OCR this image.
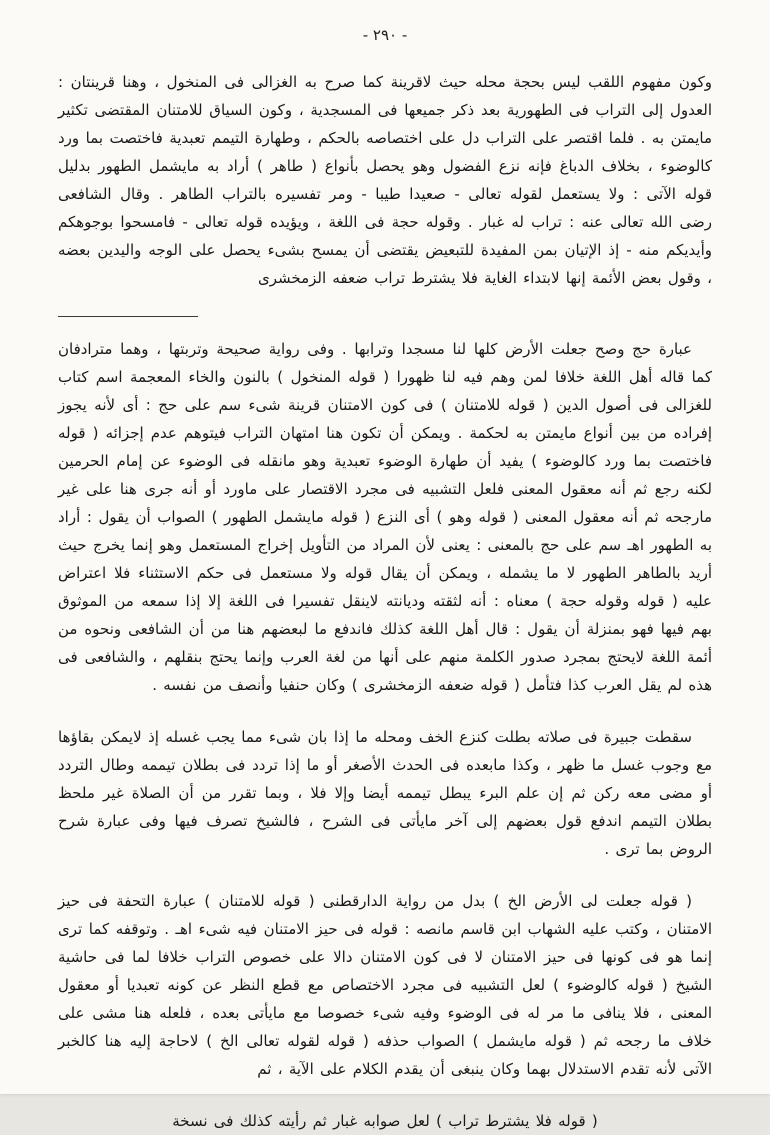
- ٢٩٠ -
وكون مفهوم اللقب ليس بحجة محله حيث لاقرينة كما صرح به الغزالى فى المنخول ، وهنا قرينتان : العدول إلى التراب فى الطهورية بعد ذكر جميعها فى المسجدية ، وكون السياق للامتنان المقتضى تكثير مايمتن به . فلما اقتصر على التراب دل على اختصاصه بالحكم ، وطهارة التيمم تعبدية فاختصت بما ورد كالوضوء ، بخلاف الدباغ فإنه نزع الفضول وهو يحصل بأنواع ( طاهر ) أراد به مايشمل الطهور بدليل قوله الآتى : ولا يستعمل لقوله تعالى - صعيدا طيبا - ومر تفسيره بالتراب الطاهر . وقال الشافعى رضى الله تعالى عنه : تراب له غبار . وقوله حجة فى اللغة ، ويؤيده قوله تعالى - فامسحوا بوجوهكم وأيديكم منه - إذ الإتيان بمن المفيدة للتبعيض يقتضى أن يمسح بشىء يحصل على الوجه واليدين بعضه ، وقول بعض الأئمة إنها لابتداء الغاية فلا يشترط تراب ضعفه الزمخشرى
عبارة حج وصح جعلت الأرض كلها لنا مسجدا وترابها . وفى رواية صحيحة وتربتها ، وهما مترادفان كما قاله أهل اللغة خلافا لمن وهم فيه لنا ظهورا ( قوله المنخول ) بالنون والخاء المعجمة اسم كتاب للغزالى فى أصول الدين ( قوله للامتنان ) فى كون الامتنان قرينة شىء سم على حج : أى لأنه يجوز إفراده من بين أنواع مايمتن به لحكمة . ويمكن أن تكون هنا امتهان التراب فيتوهم عدم إجزائه ( قوله فاختصت بما ورد كالوضوء ) يفيد أن طهارة الوضوء تعبدية وهو مانقله فى الوضوء عن إمام الحرمين لكنه رجع ثم أنه معقول المعنى فلعل التشبيه فى مجرد الاقتصار على ماورد أو أنه جرى هنا على غير مارجحه ثم أنه معقول المعنى ( قوله وهو ) أى النزع ( قوله مايشمل الطهور ) الصواب أن يقول : أراد به الطهور اهـ سم على حج بالمعنى : يعنى لأن المراد من التأويل إخراج المستعمل وهو إنما يخرج حيث أريد بالطاهر الطهور لا ما يشمله ، ويمكن أن يقال قوله ولا مستعمل فى حكم الاستثناء فلا اعتراض عليه ( قوله وقوله حجة ) معناه : أنه لثقته وديانته لاينقل تفسيرا فى اللغة إلا إذا سمعه من الموثوق بهم فيها فهو بمنزلة أن يقول : قال أهل اللغة كذلك فاندفع ما لبعضهم هنا من أن الشافعى ونحوه من أئمة اللغة لايحتج بمجرد صدور الكلمة منهم على أنها من لغة العرب وإنما يحتج بنقلهم ، والشافعى فى هذه لم يقل العرب كذا فتأمل ( قوله ضعفه الزمخشرى ) وكان حنفيا وأنصف من نفسه .
سقطت جبيرة فى صلاته بطلت كنزع الخف ومحله ما إذا بان شىء مما يجب غسله إذ لايمكن بقاؤها مع وجوب غسل ما ظهر ، وكذا مابعده فى الحدث الأصغر أو ما إذا تردد فى بطلان تيممه وطال التردد أو مضى معه ركن ثم إن علم البرء يبطل تيممه أيضا وإلا فلا ، وبما تقرر من أن الصلاة غير ملحظ بطلان التيمم اندفع قول بعضهم إلى آخر مايأتى فى الشرح ، فالشيخ تصرف فيها وفى عبارة شرح الروض بما ترى .
( قوله جعلت لى الأرض الخ ) بدل من رواية الدارقطنى ( قوله للامتنان ) عبارة التحفة فى حيز الامتنان ، وكتب عليه الشهاب ابن قاسم مانصه : قوله فى حيز الامتنان فيه شىء اهـ . وتوقفه كما ترى إنما هو فى كونها فى حيز الامتنان لا فى كون الامتنان دالا على خصوص التراب خلافا لما فى حاشية الشيخ ( قوله كالوضوء ) لعل التشبيه فى مجرد الاختصاص مع قطع النظر عن كونه تعبديا أو معقول المعنى ، فلا ينافى ما مر له فى الوضوء وفيه شىء خصوصا مع مايأتى بعده ، فلعله هنا مشى على خلاف ما رجحه ثم ( قوله مايشمل ) الصواب حذفه ( قوله لقوله تعالى الخ ) لاحاجة إليه هنا كالخبر الآتى لأنه تقدم الاستدلال بهما وكان ينبغى أن يقدم الكلام على الآية ، ثم
( قوله فلا يشترط تراب ) لعل صوابه غبار ثم رأيته كذلك فى نسخة
